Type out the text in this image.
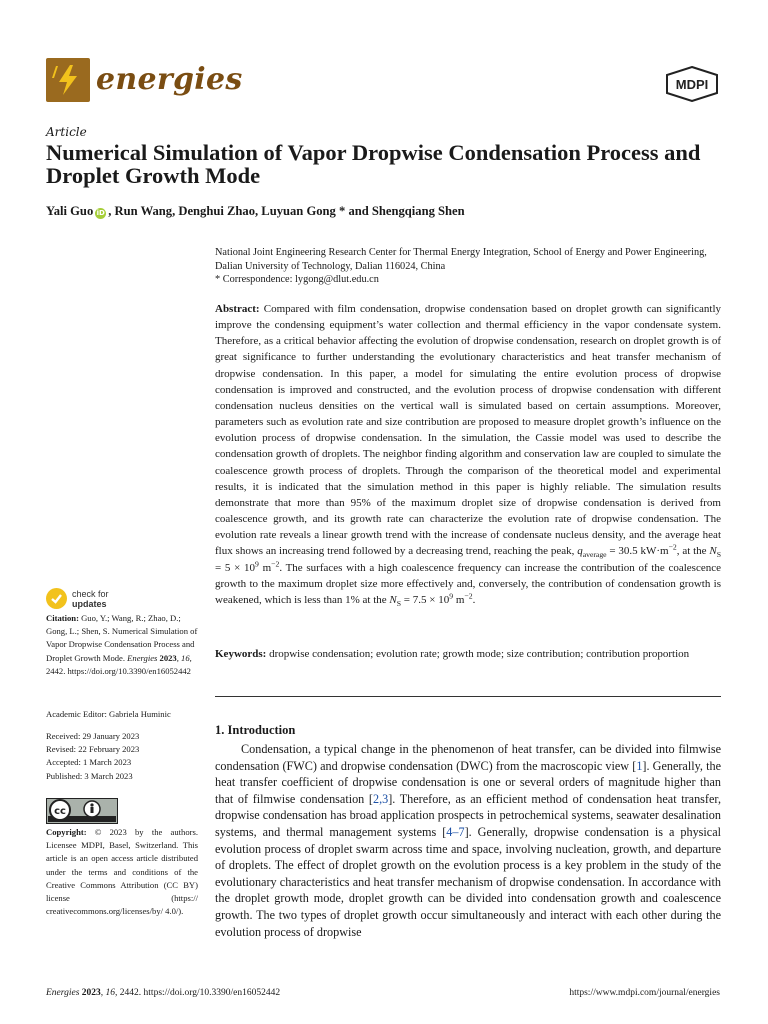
energies	MDPI
Article
Numerical Simulation of Vapor Dropwise Condensation Process and Droplet Growth Mode
Yali Guo iD , Run Wang, Denghui Zhao, Luyuan Gong * and Shengqiang Shen
National Joint Engineering Research Center for Thermal Energy Integration, School of Energy and Power Engineering, Dalian University of Technology, Dalian 116024, China
* Correspondence: lygong@dlut.edu.cn
Abstract: Compared with film condensation, dropwise condensation based on droplet growth can significantly improve the condensing equipment’s water collection and thermal efficiency in the vapor condensate system. Therefore, as a critical behavior affecting the evolution of dropwise condensation, research on droplet growth is of great significance to further understanding the evolutionary characteristics and heat transfer mechanism of dropwise condensation. In this paper, a model for simulating the entire evolution process of dropwise condensation is improved and constructed, and the evolution process of dropwise condensation with different condensation nucleus densities on the vertical wall is simulated based on certain assumptions. Moreover, parameters such as evolution rate and size contribution are proposed to measure droplet growth’s influence on the evolution process of dropwise condensation. In the simulation, the Cassie model was used to describe the condensation growth of droplets. The neighbor finding algorithm and conservation law are coupled to simulate the coalescence growth process of droplets. Through the comparison of the theoretical model and experimental results, it is indicated that the simulation method in this paper is highly reliable. The simulation results demonstrate that more than 95% of the maximum droplet size of dropwise condensation is derived from coalescence growth, and its growth rate can characterize the evolution rate of dropwise condensation. The evolution rate reveals a linear growth trend with the increase of condensate nucleus density, and the average heat flux shows an increasing trend followed by a decreasing trend, reaching the peak, $q_{average} = 30.5$ $kW\cdot m^{-2}$, at the $N_S = 5 \times 10^9$ $m^{-2}$. The surfaces with a high coalescence frequency can increase the contribution of the coalescence growth to the maximum droplet size more effectively and, conversely, the contribution of condensation growth is weakened, which is less than 1% at the $N_S = 7.5 \times 10^9$ $m^{-2}$.
Keywords: dropwise condensation; evolution rate; growth mode; size contribution; contribution proportion
1. Introduction
Condensation, a typical change in the phenomenon of heat transfer, can be divided into filmwise condensation (FWC) and dropwise condensation (DWC) from the macroscopic view [1]. Generally, the heat transfer coefficient of dropwise condensation is one or several orders of magnitude higher than that of filmwise condensation [2,3]. Therefore, as an efficient method of condensation heat transfer, dropwise condensation has broad application prospects in petrochemical systems, seawater desalination systems, and thermal management systems [4–7]. Generally, dropwise condensation is a physical evolution process of droplet swarm across time and space, involving nucleation, growth, and departure of droplets. The effect of droplet growth on the evolution process is a key problem in the study of the evolutionary characteristics and heat transfer mechanism of dropwise condensation. In accordance with the droplet growth mode, droplet growth can be divided into condensation growth and coalescence growth. The two types of droplet growth occur simultaneously and interact with each other during the evolution process of dropwise
check for
updates
Citation: Guo, Y.; Wang, R.; Zhao, D.; Gong, L.; Shen, S. Numerical Simulation of Vapor Dropwise Condensation Process and Droplet Growth Mode. Energies 2023, 16, 2442. https://doi.org/10.3390/en16052442
Academic Editor: Gabriela Huminic
Received: 29 January 2023
Revised: 22 February 2023
Accepted: 1 March 2023
Published: 3 March 2023
cc
Copyright: © 2023 by the authors. Licensee MDPI, Basel, Switzerland. This article is an open access article distributed under the terms and conditions of the Creative Commons Attribution (CC BY) license (https:// creativecommons.org/licenses/by/ 4.0/).
Energies 2023, 16, 2442. https://doi.org/10.3390/en16052442	https://www.mdpi.com/journal/energies
